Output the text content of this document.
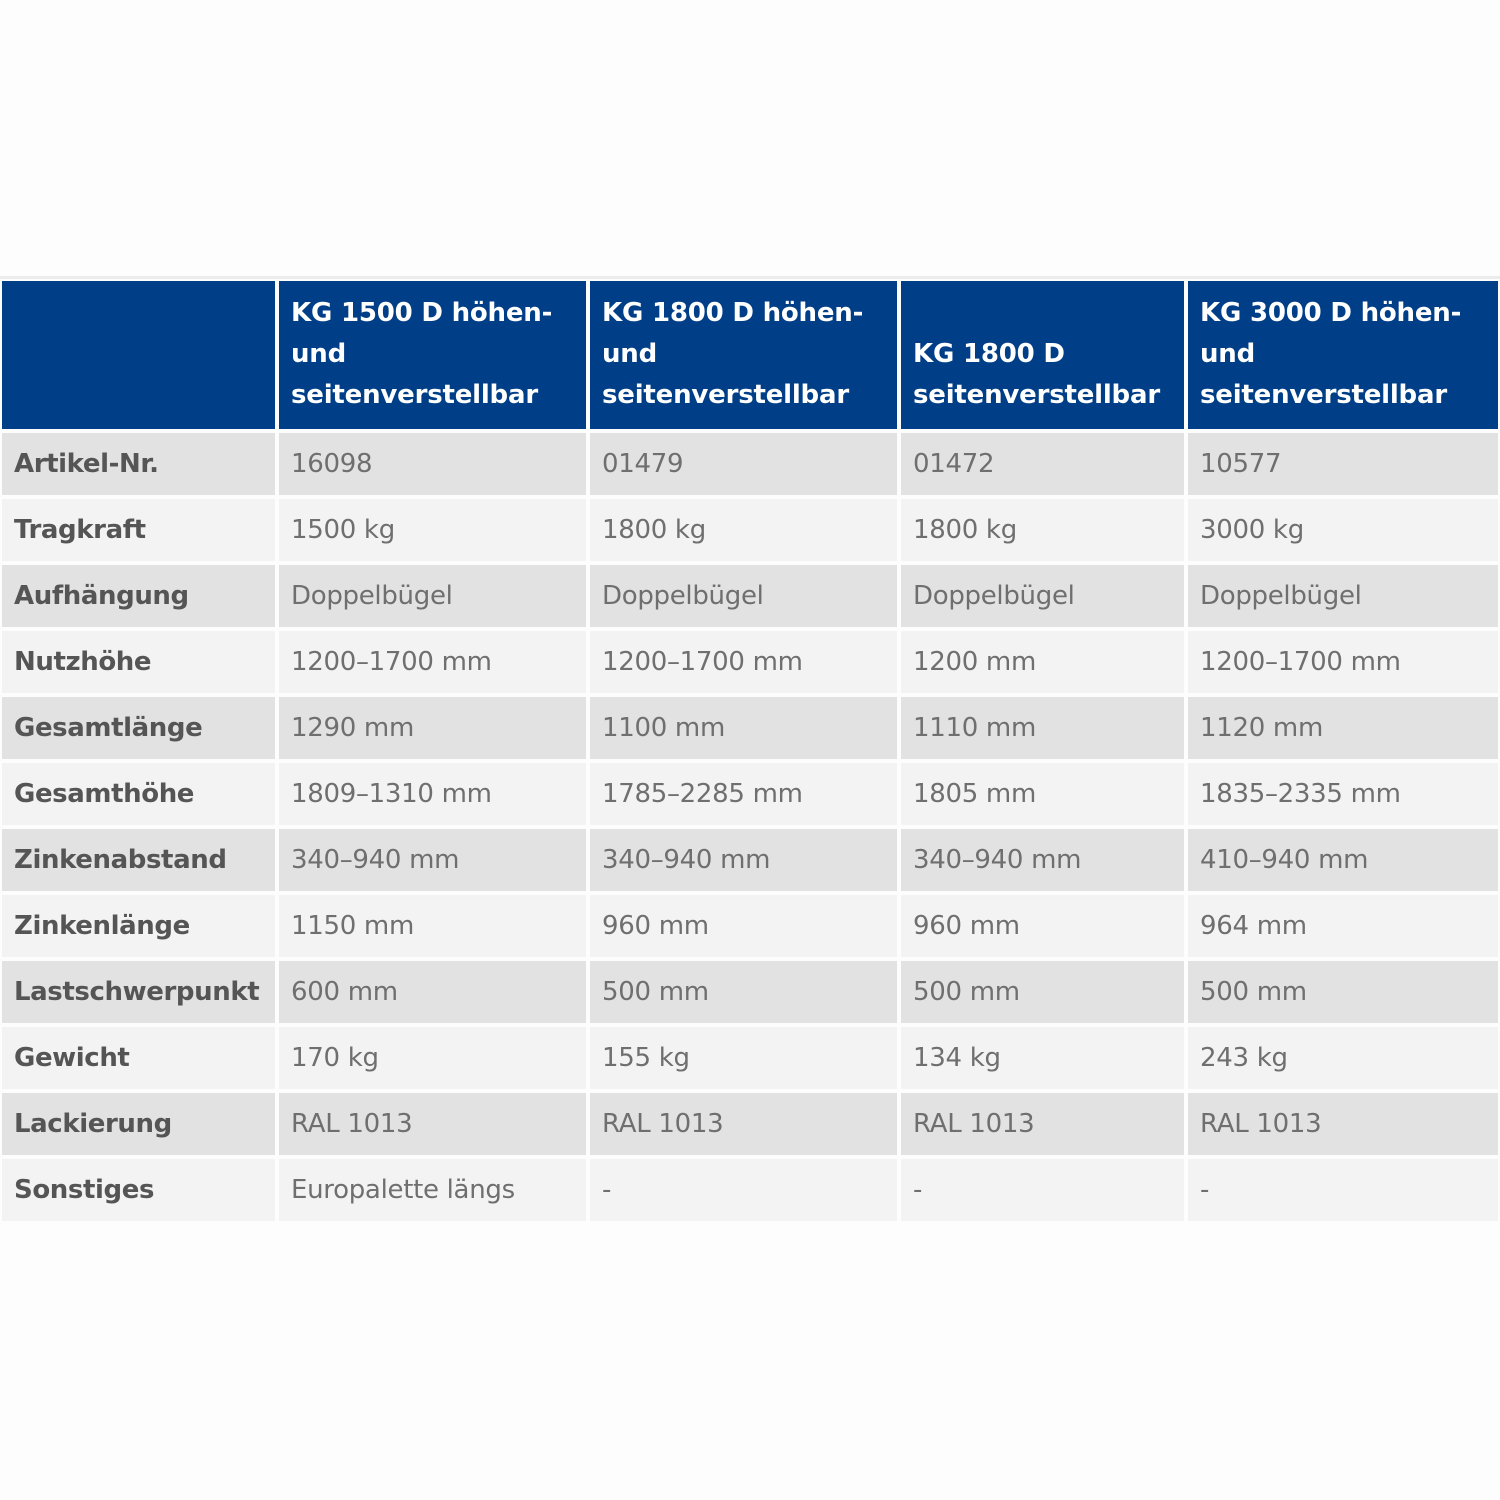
	KG 1500 D höhen- und seitenverstellbar	KG 1800 D höhen- und seitenverstellbar	KG 1800 D seitenverstellbar	KG 3000 D höhen- und seitenverstellbar
Artikel-Nr.	16098	01479	01472	10577
Tragkraft	1500 kg	1800 kg	1800 kg	3000 kg
Aufhängung	Doppelbügel	Doppelbügel	Doppelbügel	Doppelbügel
Nutzhöhe	1200–1700 mm	1200–1700 mm	1200 mm	1200–1700 mm
Gesamtlänge	1290 mm	1100 mm	1110 mm	1120 mm
Gesamthöhe	1809–1310 mm	1785–2285 mm	1805 mm	1835–2335 mm
Zinkenabstand	340–940 mm	340–940 mm	340–940 mm	410–940 mm
Zinkenlänge	1150 mm	960 mm	960 mm	964 mm
Lastschwerpunkt	600 mm	500 mm	500 mm	500 mm
Gewicht	170 kg	155 kg	134 kg	243 kg
Lackierung	RAL 1013	RAL 1013	RAL 1013	RAL 1013
Sonstiges	Europalette längs	-	-	-
